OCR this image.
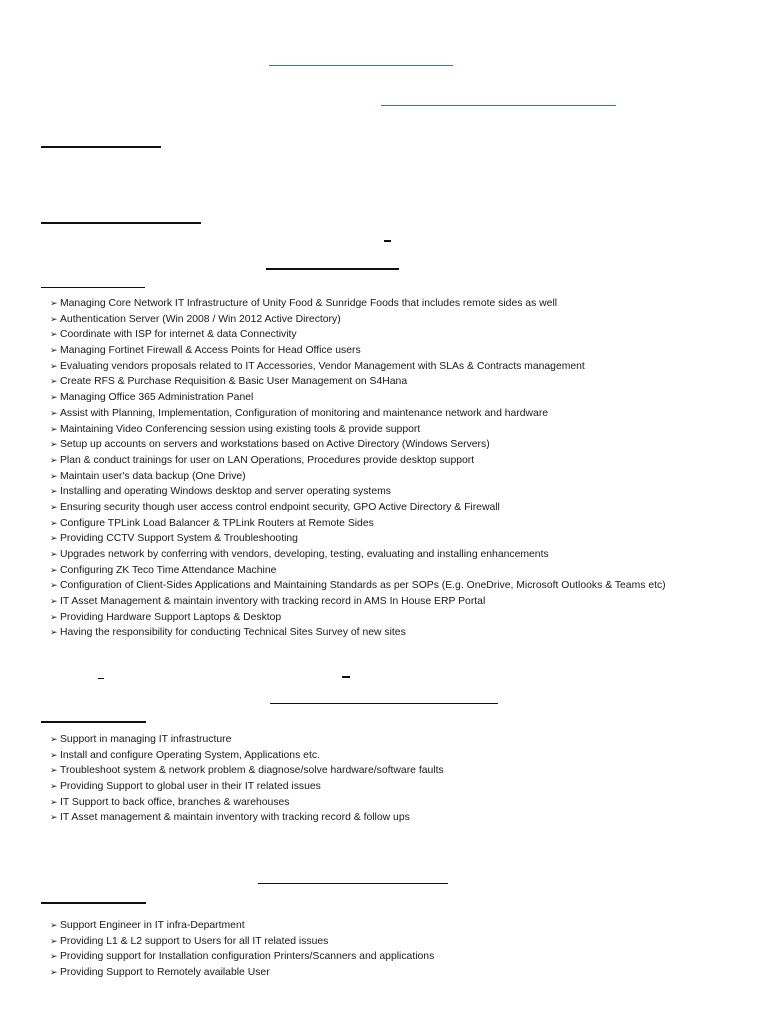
➢ Managing Core Network IT Infrastructure of Unity Food & Sunridge Foods that includes remote sides as well
➢ Authentication Server (Win 2008 / Win 2012 Active Directory)
➢ Coordinate with ISP for internet & data Connectivity
➢ Managing Fortinet Firewall & Access Points for Head Office users
➢ Evaluating vendors proposals related to IT Accessories, Vendor Management with SLAs & Contracts management
➢ Create RFS & Purchase Requisition & Basic User Management on S4Hana
➢ Managing Office 365 Administration Panel
➢ Assist with Planning, Implementation, Configuration of monitoring and maintenance network and hardware
➢ Maintaining Video Conferencing session using existing tools & provide support
➢ Setup up accounts on servers and workstations based on Active Directory (Windows Servers)
➢ Plan & conduct trainings for user on LAN Operations, Procedures provide desktop support
➢ Maintain user's data backup (One Drive)
➢ Installing and operating Windows desktop and server operating systems
➢ Ensuring security though user access control endpoint security, GPO Active Directory & Firewall
➢ Configure TPLink Load Balancer & TPLink Routers at Remote Sides
➢ Providing CCTV Support System & Troubleshooting
➢ Upgrades network by conferring with vendors, developing, testing, evaluating and installing enhancements
➢ Configuring ZK Teco Time Attendance Machine
➢ Configuration of Client-Sides Applications and Maintaining Standards as per SOPs (E.g. OneDrive, Microsoft Outlooks & Teams etc)
➢ IT Asset Management & maintain inventory with tracking record in AMS In House ERP Portal
➢ Providing Hardware Support Laptops & Desktop
➢ Having the responsibility for conducting Technical Sites Survey of new sites
➢ Support in managing IT infrastructure
➢ Install and configure Operating System, Applications etc.
➢ Troubleshoot system & network problem & diagnose/solve hardware/software faults
➢ Providing Support to global user in their IT related issues
➢ IT Support to back office, branches & warehouses
➢ IT Asset management & maintain inventory with tracking record & follow ups
➢ Support Engineer in IT infra-Department
➢ Providing L1 & L2 support to Users for all IT related issues
➢ Providing support for Installation configuration Printers/Scanners and applications
➢ Providing Support to Remotely available User
